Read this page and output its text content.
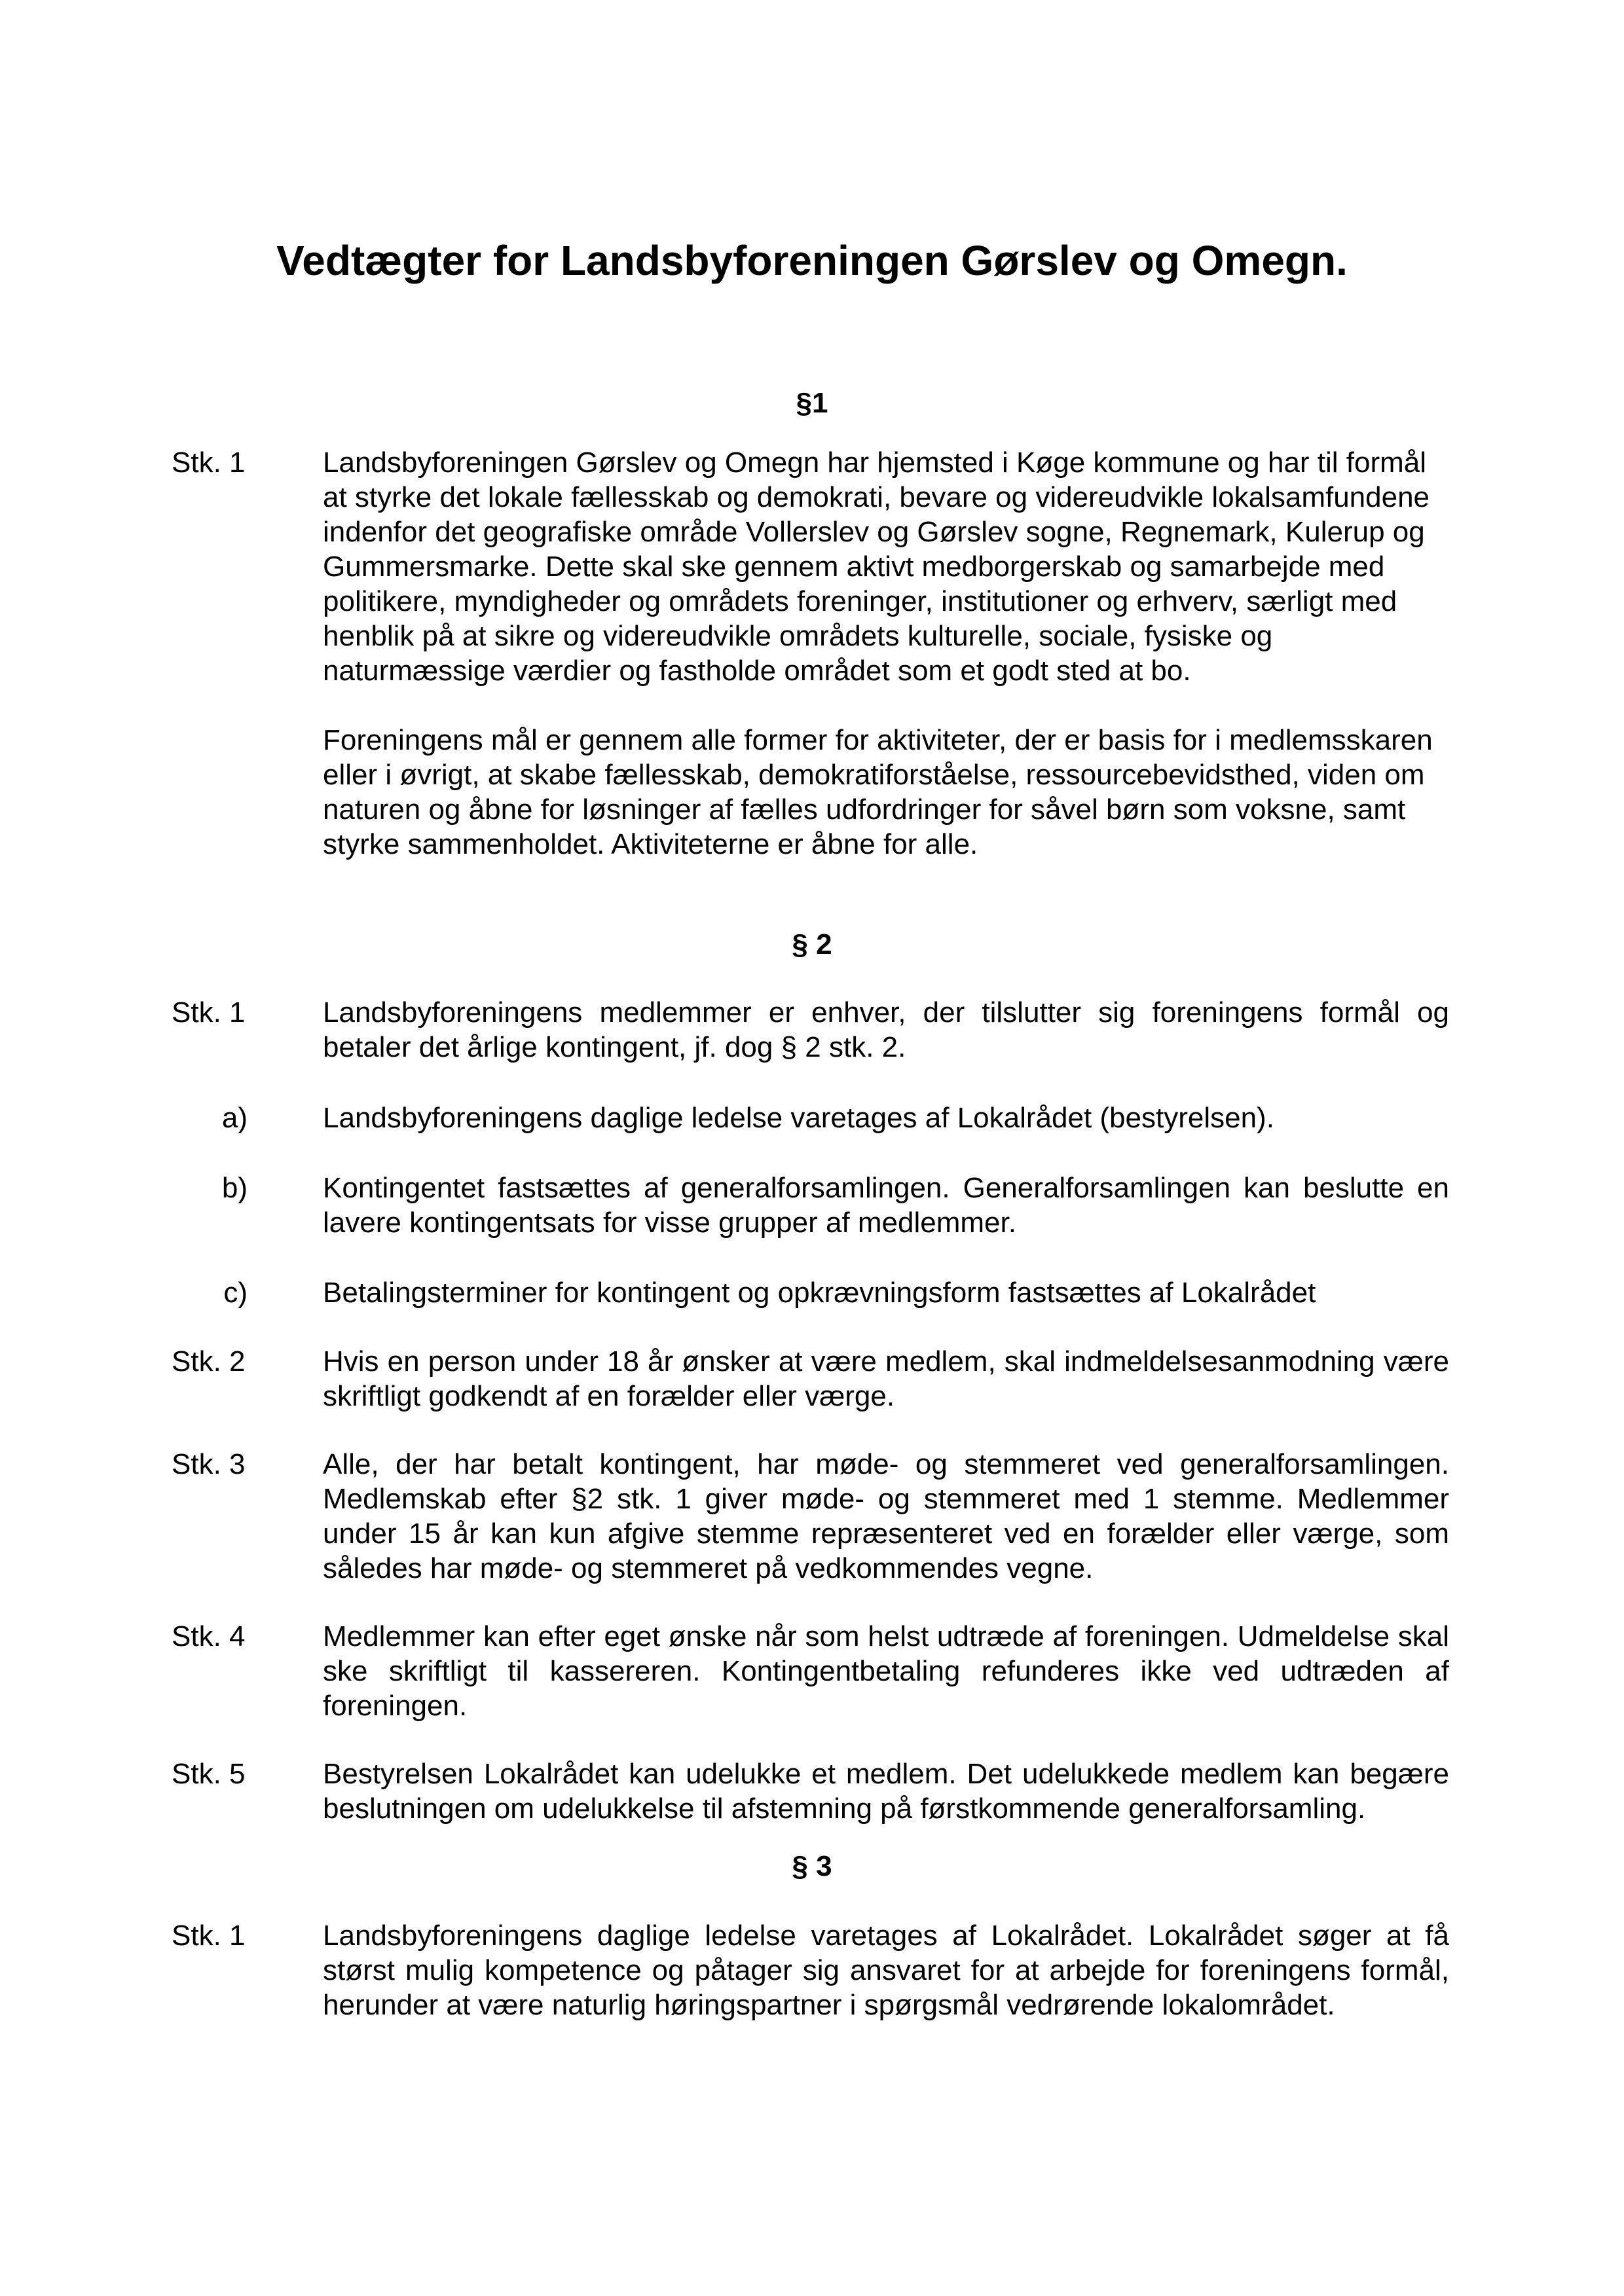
Vedtægter for Landsbyforeningen Gørslev og Omegn.
§1
Stk. 1	Landsbyforeningen Gørslev og Omegn har hjemsted i Køge kommune og har til formål at styrke det lokale fællesskab og demokrati, bevare og videreudvikle lokalsamfundene indenfor det geografiske område Vollerslev og Gørslev sogne, Regnemark, Kulerup og Gummersmarke. Dette skal ske gennem aktivt medborgerskab og samarbejde med politikere, myndigheder og områdets foreninger, institutioner og erhverv, særligt med henblik på at sikre og videreudvikle områdets kulturelle, sociale, fysiske og naturmæssige værdier og fastholde området som et godt sted at bo.

Foreningens mål er gennem alle former for aktiviteter, der er basis for i medlemsskaren eller i øvrigt, at skabe fællesskab, demokratiforståelse, ressourcebevidsthed, viden om naturen og åbne for løsninger af fælles udfordringer for såvel børn som voksne, samt styrke sammenholdet. Aktiviteterne er åbne for alle.

§ 2
Stk. 1	Landsbyforeningens medlemmer er enhver, der tilslutter sig foreningens formål og betaler det årlige kontingent, jf. dog § 2 stk. 2.

a)	Landsbyforeningens daglige ledelse varetages af Lokalrådet (bestyrelsen).

b)	Kontingentet fastsættes af generalforsamlingen. Generalforsamlingen kan beslutte en lavere kontingentsats for visse grupper af medlemmer.

c)	Betalingsterminer for kontingent og opkrævningsform fastsættes af Lokalrådet

Stk. 2	Hvis en person under 18 år ønsker at være medlem, skal indmeldelsesanmodning være skriftligt godkendt af en forælder eller værge.

Stk. 3	Alle, der har betalt kontingent, har møde- og stemmeret ved generalforsamlingen. Medlemskab efter §2 stk. 1 giver møde- og stemmeret med 1 stemme. Medlemmer under 15 år kan kun afgive stemme repræsenteret ved en forælder eller værge, som således har møde- og stemmeret på vedkommendes vegne.

Stk. 4	Medlemmer kan efter eget ønske når som helst udtræde af foreningen. Udmeldelse skal ske skriftligt til kassereren. Kontingentbetaling refunderes ikke ved udtræden af foreningen.

Stk. 5	Bestyrelsen Lokalrådet kan udelukke et medlem. Det udelukkede medlem kan begære beslutningen om udelukkelse til afstemning på førstkommende generalforsamling.

§ 3
Stk. 1	Landsbyforeningens daglige ledelse varetages af Lokalrådet. Lokalrådet søger at få størst mulig kompetence og påtager sig ansvaret for at arbejde for foreningens formål, herunder at være naturlig høringspartner i spørgsmål vedrørende lokalområdet.
